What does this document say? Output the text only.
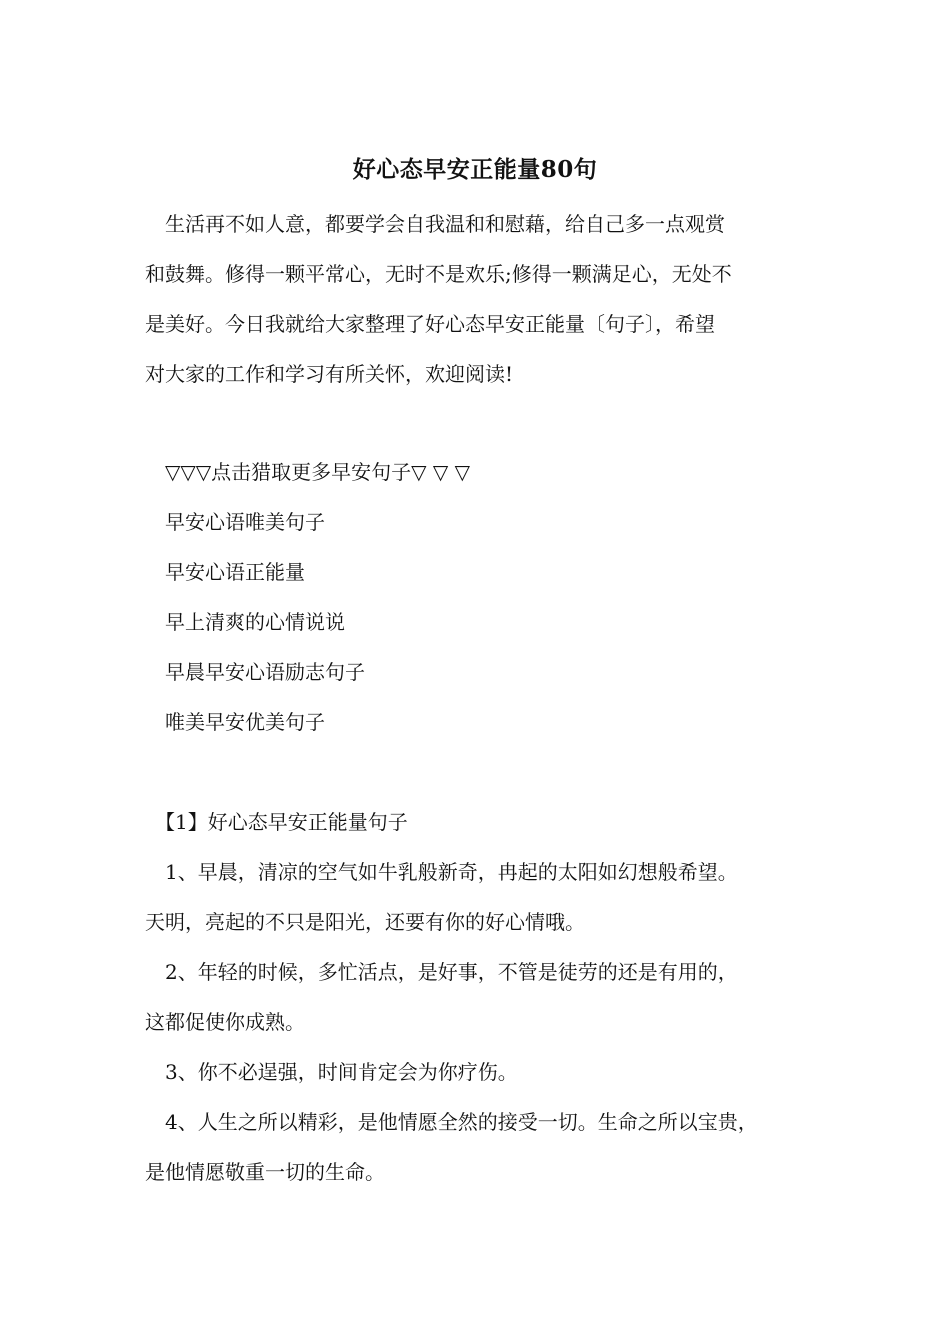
好心态早安正能量80句
生活再不如人意，都要学会自我温和和慰藉，给自己多一点观赏
和鼓舞。修得一颗平常心，无时不是欢乐;修得一颗满足心，无处不
是美好。今日我就给大家整理了好心态早安正能量〔句子〕，希望
对大家的工作和学习有所关怀，欢迎阅读!
▽▽▽点击猎取更多早安句子▽ ▽ ▽
早安心语唯美句子
早安心语正能量
早上清爽的心情说说
早晨早安心语励志句子
唯美早安优美句子
【1】好心态早安正能量句子
1、早晨，清凉的空气如牛乳般新奇，冉起的太阳如幻想般希望。
天明，亮起的不只是阳光，还要有你的好心情哦。
2、年轻的时候，多忙活点，是好事，不管是徒劳的还是有用的，
这都促使你成熟。
3、你不必逞强，时间肯定会为你疗伤。
4、人生之所以精彩，是他情愿全然的接受一切。生命之所以宝贵，
是他情愿敬重一切的生命。
